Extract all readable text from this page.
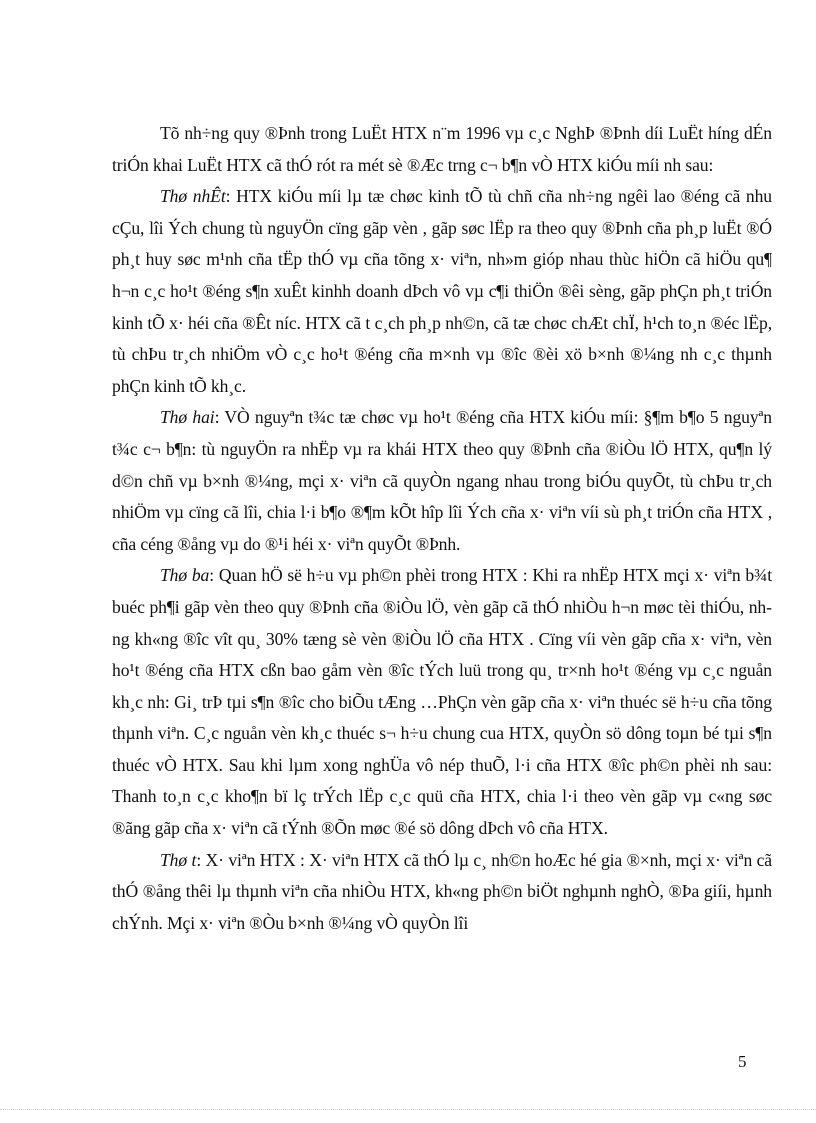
Tõ nh÷ng quy ®Þnh trong LuËt HTX n¨m 1996 vµ c¸c NghÞ ®Þnh díi LuËt híng dÉn triÓn khai LuËt HTX cã thÓ rót ra mét sè ®Æc trng c¬ b¶n vÒ HTX kiÓu míi nh sau:

Thø nhÊt: HTX kiÓu míi lµ tæ chøc kinh tÕ tù chñ cña nh÷ng ngêi lao ®éng cã nhu cÇu, lîi Ých chung tù nguyÖn cïng gãp vèn , gãp søc lËp ra theo quy ®Þnh cña ph¸p luËt ®Ó ph¸t huy søc m¹nh cña tËp thÓ vµ cña tõng x· viªn, nh»m gióp nhau thùc hiÖn cã hiÖu qu¶ h¬n c¸c ho¹t ®éng s¶n xuÊt kinhh doanh dÞch vô vµ c¶i thiÖn ®êi sèng, gãp phÇn ph¸t triÓn kinh tÕ x· héi cña ®Êt níc. HTX cã t c¸ch ph¸p nh©n, cã tæ chøc chÆt chÏ, h¹ch to¸n ®éc lËp, tù chÞu tr¸ch nhiÖm vÒ c¸c ho¹t ®éng cña m×nh vµ ®îc ®èi xö b×nh ®¼ng nh c¸c thµnh phÇn kinh tÕ kh¸c.

Thø hai: VÒ nguyªn t¾c tæ chøc vµ ho¹t ®éng cña HTX kiÓu míi: §¶m b¶o 5 nguyªn t¾c c¬ b¶n: tù nguyÖn ra nhËp vµ ra khái HTX theo quy ®Þnh cña ®iÒu lÖ HTX, qu¶n lý d©n chñ vµ b×nh ®¼ng, mçi x· viªn cã quyÒn ngang nhau trong biÓu quyÕt, tù chÞu tr¸ch nhiÖm vµ cïng cã lîi, chia l·i b¶o ®¶m kÕt hîp lîi Ých cña x· viªn víi sù ph¸t triÓn cña HTX , cña céng ®ång vµ do ®¹i héi x· viªn quyÕt ®Þnh.

Thø ba: Quan hÖ së h÷u vµ ph©n phèi trong HTX : Khi ra nhËp HTX mçi x· viªn b¾t buéc ph¶i gãp vèn theo quy ®Þnh cña ®iÒu lÖ, vèn gãp cã thÓ nhiÒu h¬n møc tèi thiÓu, nhng kh«ng ®îc vît qu¸ 30% tæng sè vèn ®iÒu lÖ cña HTX . Cïng víi vèn gãp cña x· viªn, vèn ho¹t ®éng cña HTX cßn bao gåm vèn ®îc tÝch luü trong qu¸ tr×nh ho¹t ®éng vµ c¸c nguån kh¸c nh: Gi¸ trÞ tµi s¶n ®îc cho biÕu tÆng …PhÇn vèn gãp cña x· viªn thuéc së h÷u cña tõng thµnh viªn. C¸c nguån vèn kh¸c thuéc s¬ h÷u chung cua HTX, quyÒn sö dông toµn bé tµi s¶n thuéc vÒ HTX. Sau khi lµm xong nghÜa vô nép thuÕ, l·i cña HTX ®îc ph©n phèi nh sau: Thanh to¸n c¸c kho¶n bï lç trÝch lËp c¸c quü cña HTX, chia l·i theo vèn gãp vµ c«ng søc ®ãng gãp cña x· viªn cã tÝnh ®Õn møc ®é sö dông dÞch vô cña HTX.

Thø t: X· viªn HTX : X· viªn HTX cã thÓ lµ c¸ nh©n hoÆc hé gia ®×nh, mçi x· viªn cã thÓ ®ång thêi lµ thµnh viªn cña nhiÒu HTX, kh«ng ph©n biÖt nghµnh nghÒ, ®Þa giíi, hµnh chÝnh. Mçi x· viªn ®Òu b×nh ®¼ng vÒ quyÒn lîi

5
